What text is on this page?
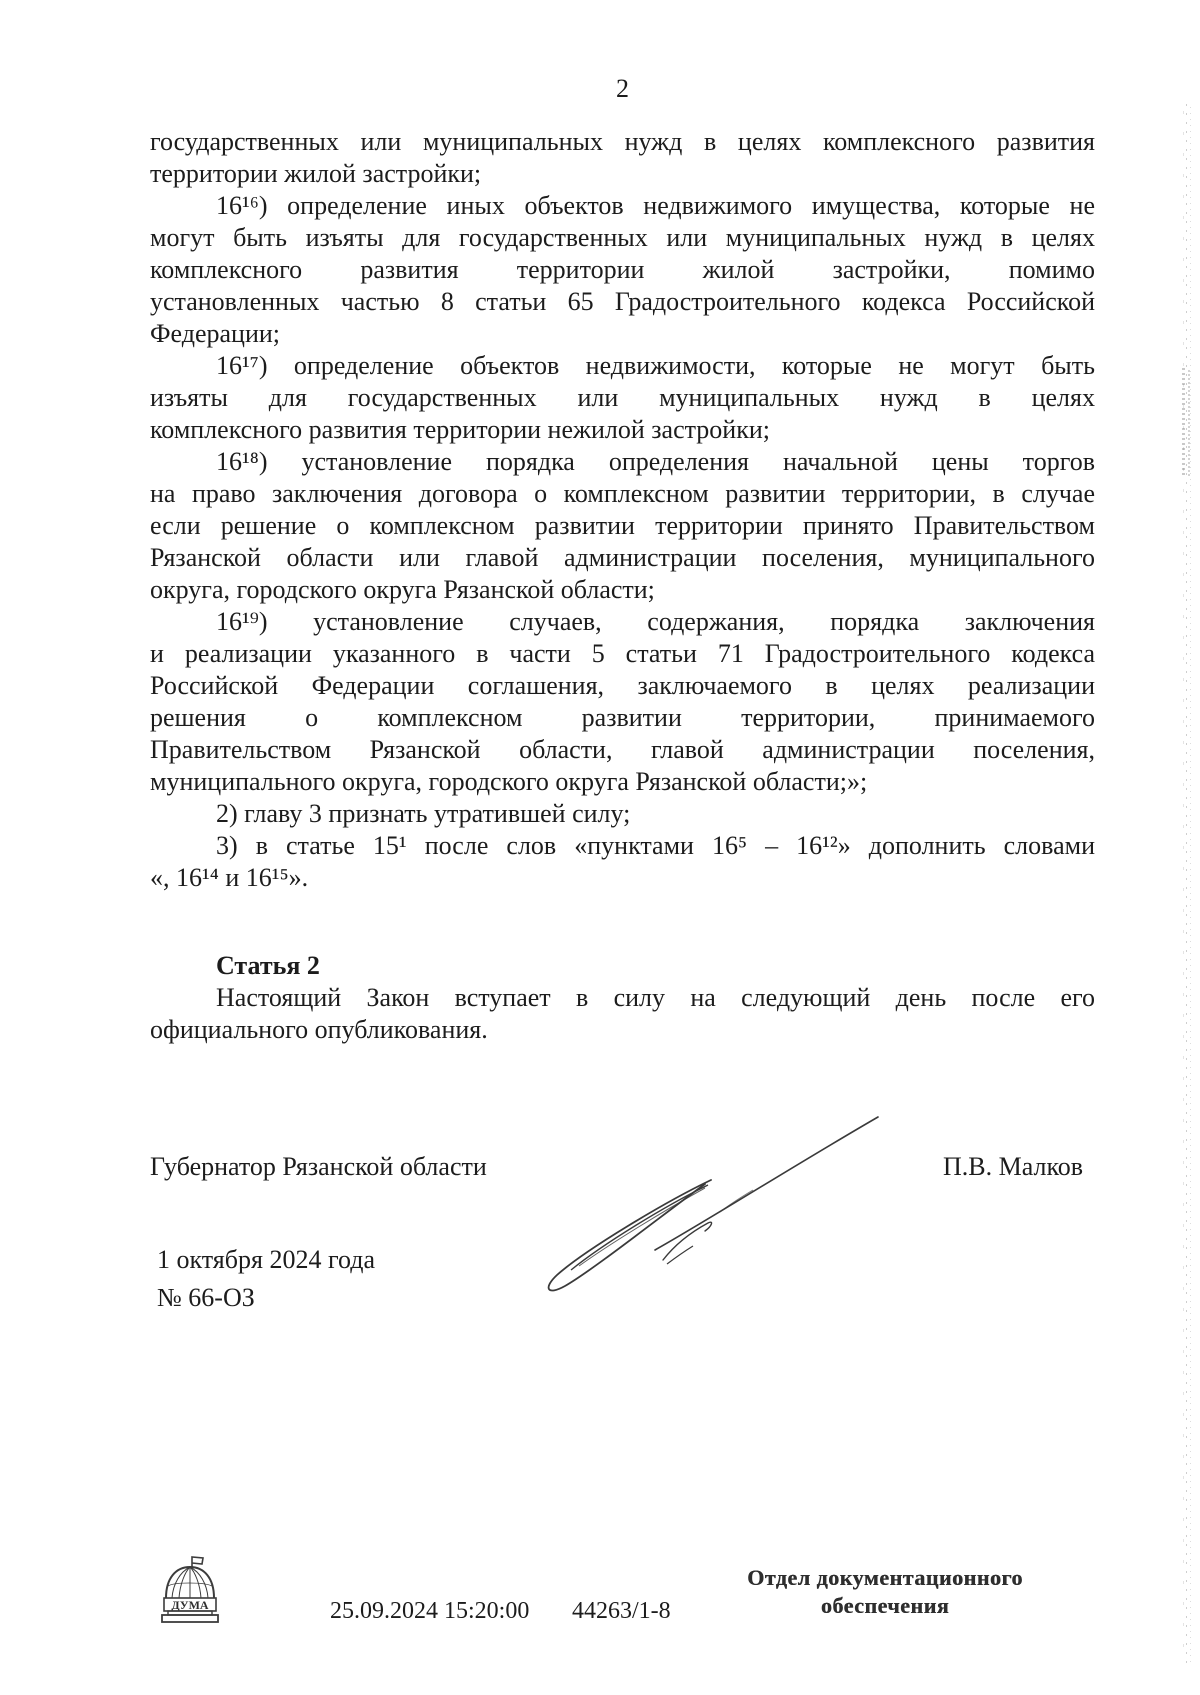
2
государственных или муниципальных нужд в целях комплексного развития
территории жилой застройки;
16¹⁶) определение иных объектов недвижимого имущества, которые не
могут быть изъяты для государственных или муниципальных нужд в целях
комплексного развития территории жилой застройки, помимо
установленных частью 8 статьи 65 Градостроительного кодекса Российской
Федерации;
16¹⁷) определение объектов недвижимости, которые не могут быть
изъяты для государственных или муниципальных нужд в целях
комплексного развития территории нежилой застройки;
16¹⁸) установление порядка определения начальной цены торгов
на право заключения договора о комплексном развитии территории, в случае
если решение о комплексном развитии территории принято Правительством
Рязанской области или главой администрации поселения, муниципального
округа, городского округа Рязанской области;
16¹⁹) установление случаев, содержания, порядка заключения
и реализации указанного в части 5 статьи 71 Градостроительного кодекса
Российской Федерации соглашения, заключаемого в целях реализации
решения о комплексном развитии территории, принимаемого
Правительством Рязанской области, главой администрации поселения,
муниципального округа, городского округа Рязанской области;»;
2) главу 3 признать утратившей силу;
3) в статье 15¹ после слов «пунктами 16⁵ – 16¹²» дополнить словами
«, 16¹⁴ и 16¹⁵».
Статья 2
Настоящий Закон вступает в силу на следующий день после его
официального опубликования.
Губернатор Рязанской области	П.В. Малков
1 октября 2024 года
№ 66-ОЗ
ДУМА	25.09.2024 15:20:00 44263/1-8
Отдел документационного
обеспечения
